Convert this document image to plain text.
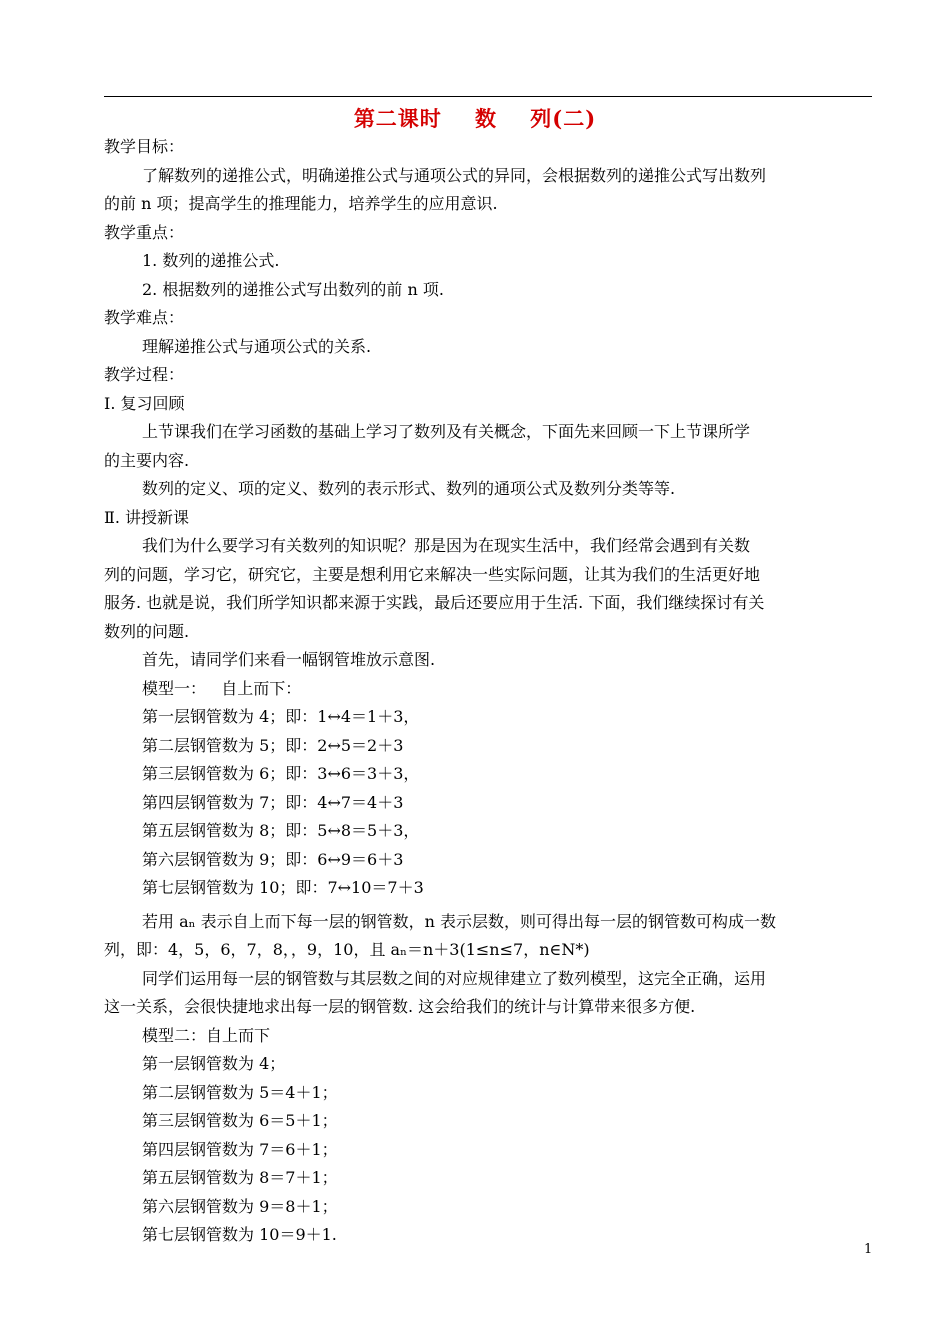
第二课时    数    列(二)
教学目标：
了解数列的递推公式，明确递推公式与通项公式的异同，会根据数列的递推公式写出数列
的前 n 项；提高学生的推理能力，培养学生的应用意识.
教学重点：
1. 数列的递推公式.
2. 根据数列的递推公式写出数列的前 n 项.
教学难点：
理解递推公式与通项公式的关系.
教学过程：
Ⅰ. 复习回顾
上节课我们在学习函数的基础上学习了数列及有关概念，下面先来回顾一下上节课所学
的主要内容.
数列的定义、项的定义、数列的表示形式、数列的通项公式及数列分类等等.
Ⅱ. 讲授新课
我们为什么要学习有关数列的知识呢？那是因为在现实生活中，我们经常会遇到有关数
列的问题，学习它，研究它，主要是想利用它来解决一些实际问题，让其为我们的生活更好地
服务. 也就是说，我们所学知识都来源于实践，最后还要应用于生活. 下面，我们继续探讨有关
数列的问题.
首先，请同学们来看一幅钢管堆放示意图.
模型一：   自上而下：
第一层钢管数为 4；即：1↔4＝1＋3，
第二层钢管数为 5；即：2↔5＝2＋3
第三层钢管数为 6；即：3↔6＝3＋3，
第四层钢管数为 7；即：4↔7＝4＋3
第五层钢管数为 8；即：5↔8＝5＋3，
第六层钢管数为 9；即：6↔9＝6＋3
第七层钢管数为 10；即：7↔10＝7＋3
若用 aₙ 表示自上而下每一层的钢管数，n 表示层数，则可得出每一层的钢管数可构成一数
列，即：4，5，6，7，8，，9，10，且 aₙ＝n＋3(1≤n≤7，n∈N*)
同学们运用每一层的钢管数与其层数之间的对应规律建立了数列模型，这完全正确，运用
这一关系，会很快捷地求出每一层的钢管数. 这会给我们的统计与计算带来很多方便.
模型二：自上而下
第一层钢管数为 4；
第二层钢管数为 5＝4＋1；
第三层钢管数为 6＝5＋1；
第四层钢管数为 7＝6＋1；
第五层钢管数为 8＝7＋1；
第六层钢管数为 9＝8＋1；
第七层钢管数为 10＝9＋1.
1
